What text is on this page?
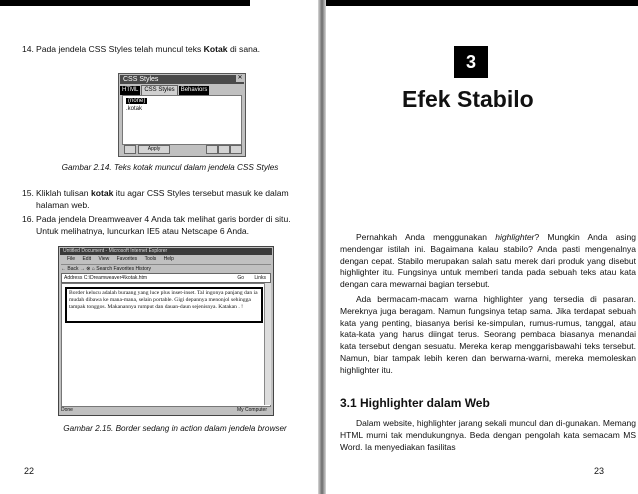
14. Pada jendela CSS Styles telah muncul teks Kotak di sana.
CSS Styles	✕
HTML CSS Styles Behaviors
(none)
.kotak
Apply
Gambar 2.14. Teks kotak muncul dalam jendela CSS Styles
15. Kliklah tulisan kotak itu agar CSS Styles tersebut masuk ke dalam halaman web.
16. Pada jendela Dreamweaver 4 Anda tak melihat garis border di situ. Untuk melihatnya, luncurkan IE5 atau Netscape 6 Anda.
Untitled Document - Microsoft Internet Explorer
File Edit View Favorites Tools Help
← Back → ⊗ ⌂ Search Favorites History
Address C:\Dreamweaver4\kotak.htm	Go Links
Border kelucu adalah buraang yang luce plus inset-inset. Tal ingonya panjang dan ia mudah dibawa ke mana-mana, selain portable. Gigi depannya menonjol sehingga tampak tonggos. Makanannya rumput dan dauan-daun sejenisnya. Katakan . !
Done	My Computer
Gambar 2.15. Border sedang in action dalam jendela browser
22
3
Efek Stabilo
Pernahkah Anda menggunakan highlighter? Mungkin Anda asing mendengar istilah ini. Bagaimana kalau stabilo? Anda pasti mengenalnya dengan cepat. Stabilo merupakan salah satu merek dari produk yang disebut highlighter itu. Fungsinya untuk memberi tanda pada sebuah teks atau kata dengan cara mewarnai bagian tersebut.
Ada bermacam-macam warna highlighter yang tersedia di pasaran. Mereknya juga beragam. Namun fungsinya tetap sama. Jika terdapat sebuah kata yang penting, biasanya berisi ke-simpulan, rumus-rumus, tanggal, atau kata-kata yang harus diingat terus. Seorang pembaca biasanya menandai kata tersebut dengan sesuatu. Mereka kerap menggarisbawahi teks tersebut. Namun, biar tampak lebih keren dan berwarna-warni, mereka memoleskan highlighter itu.
3.1 Highlighter dalam Web
Dalam website, highlighter jarang sekali muncul dan di-gunakan. Memang HTML murni tak mendukungnya. Beda dengan pengolah kata semacam MS Word. Ia menyediakan fasilitas
23
